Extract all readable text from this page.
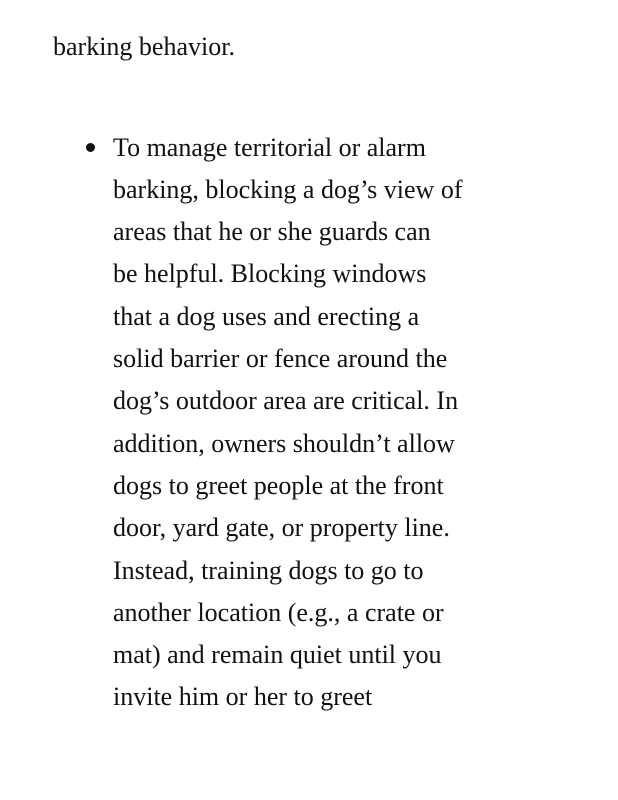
barking behavior.
To manage territorial or alarm
barking, blocking a dog’s view of
areas that he or she guards can
be helpful. Blocking windows
that a dog uses and erecting a
solid barrier or fence around the
dog’s outdoor area are critical. In
addition, owners shouldn’t allow
dogs to greet people at the front
door, yard gate, or property line.
Instead, training dogs to go to
another location (e.g., a crate or
mat) and remain quiet until you
invite him or her to greet
